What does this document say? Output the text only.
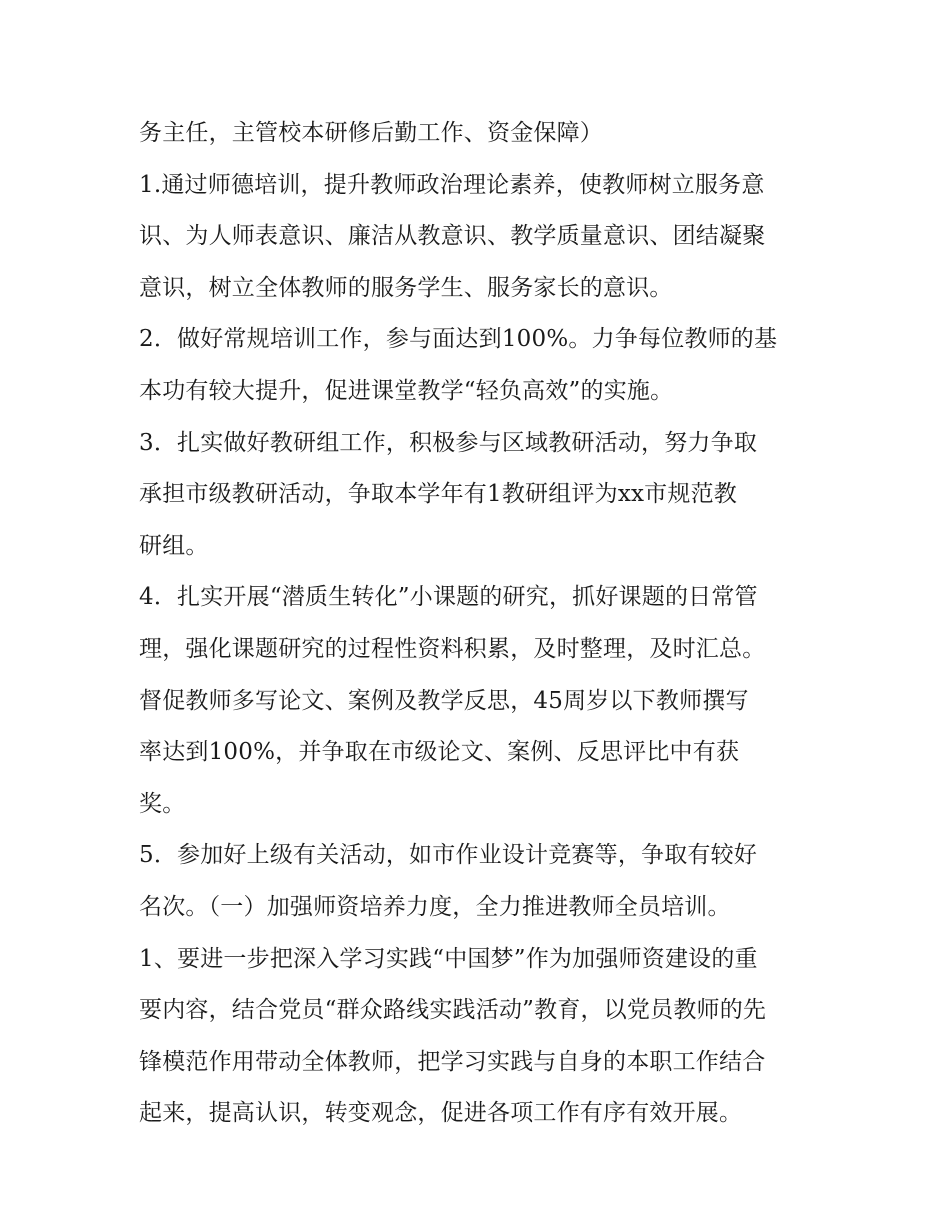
务主任，主管校本研修后勤工作、资金保障）
1.通过师德培训，提升教师政治理论素养，使教师树立服务意
识、为人师表意识、廉洁从教意识、教学质量意识、团结凝聚
意识，树立全体教师的服务学生、服务家长的意识。
2．做好常规培训工作，参与面达到100%。力争每位教师的基
本功有较大提升，促进课堂教学“轻负高效”的实施。
3．扎实做好教研组工作，积极参与区域教研活动，努力争取
承担市级教研活动，争取本学年有1教研组评为xx市规范教
研组。
4．扎实开展“潜质生转化”小课题的研究，抓好课题的日常管
理，强化课题研究的过程性资料积累，及时整理，及时汇总。
督促教师多写论文、案例及教学反思，45周岁以下教师撰写
率达到100%，并争取在市级论文、案例、反思评比中有获
奖。
5．参加好上级有关活动，如市作业设计竞赛等，争取有较好
名次。（一）加强师资培养力度，全力推进教师全员培训。
1、要进一步把深入学习实践“中国梦”作为加强师资建设的重
要内容，结合党员“群众路线实践活动”教育，以党员教师的先
锋模范作用带动全体教师，把学习实践与自身的本职工作结合
起来，提高认识，转变观念，促进各项工作有序有效开展。
